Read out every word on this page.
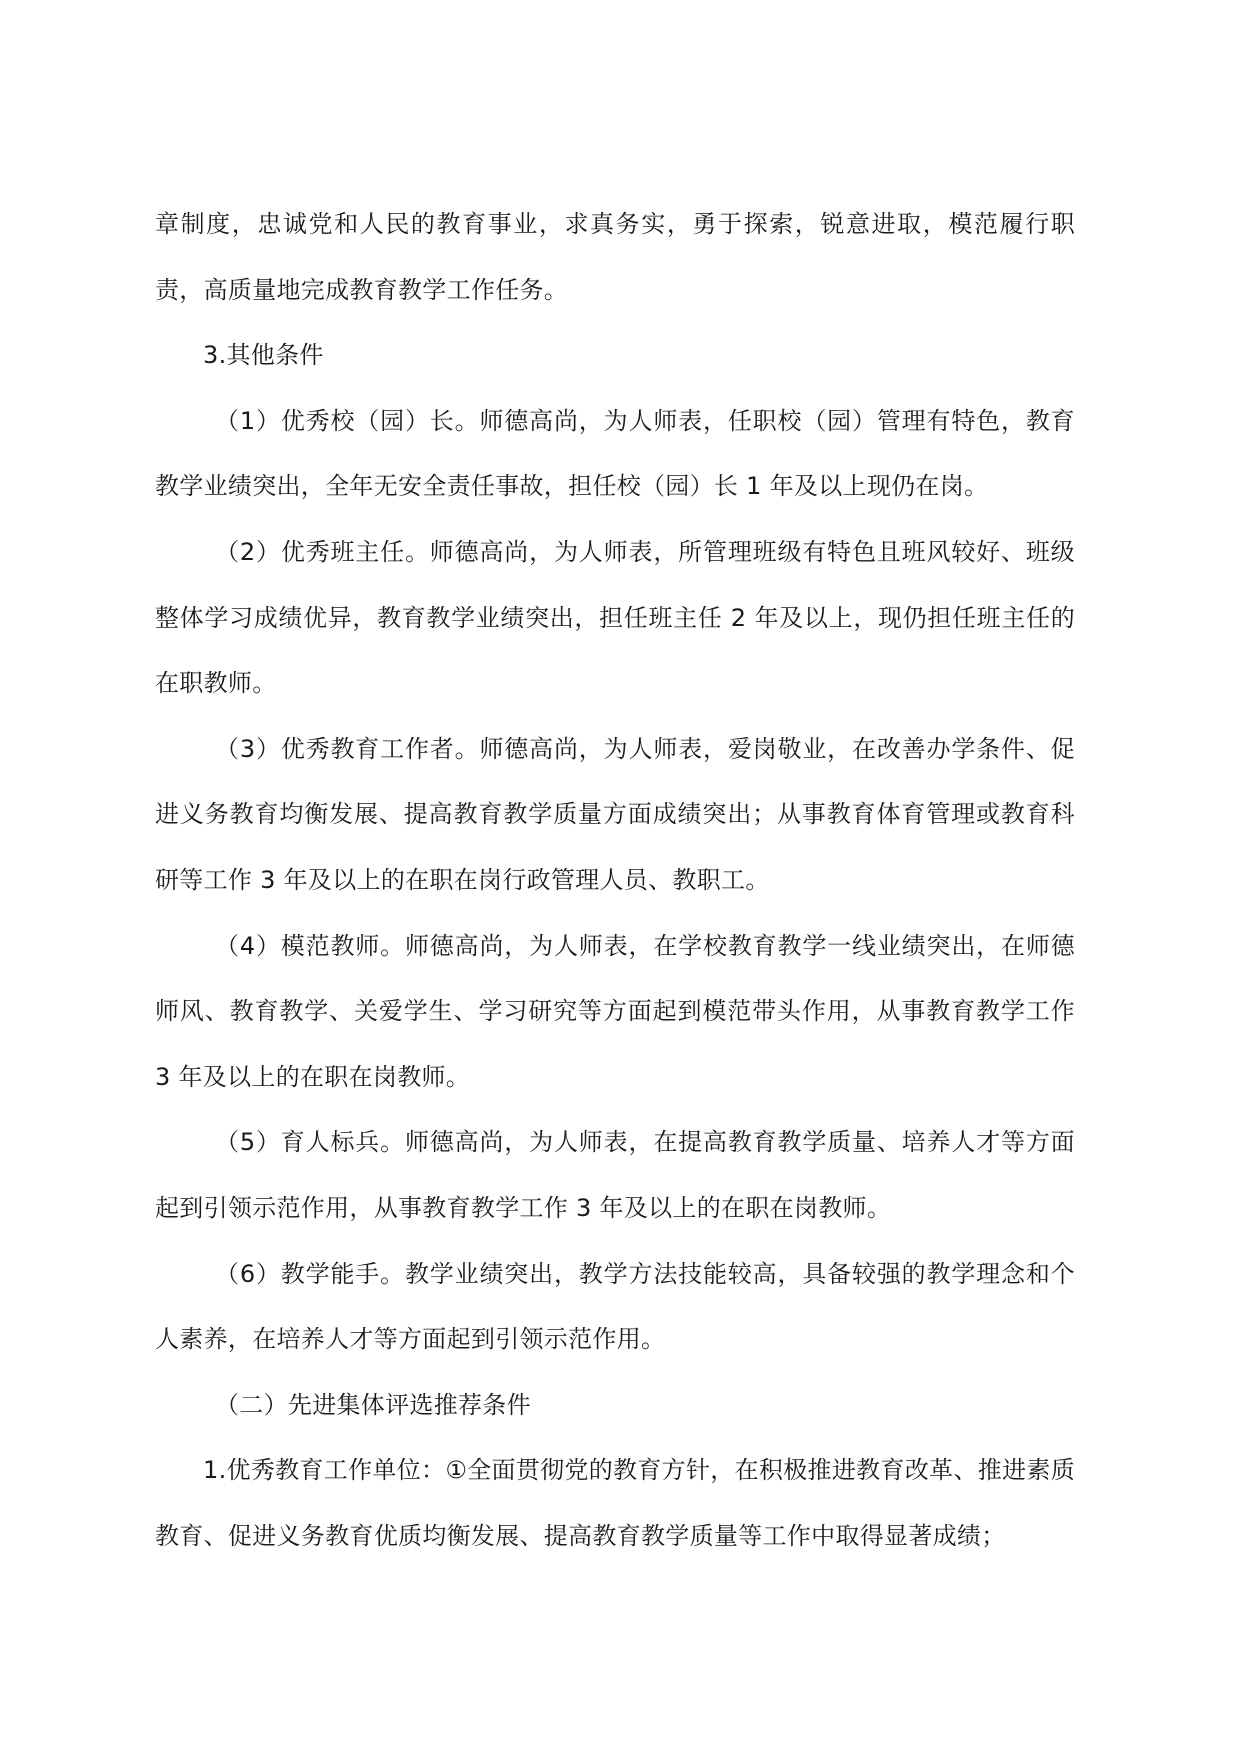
章制度，忠诚党和人民的教育事业，求真务实，勇于探索，锐意进取，模范履行职责，高质量地完成教育教学工作任务。

3.其他条件

（1）优秀校（园）长。师德高尚，为人师表，任职校（园）管理有特色，教育教学业绩突出，全年无安全责任事故，担任校（园）长 1 年及以上现仍在岗。

（2）优秀班主任。师德高尚，为人师表，所管理班级有特色且班风较好、班级整体学习成绩优异，教育教学业绩突出，担任班主任 2 年及以上，现仍担任班主任的在职教师。

（3）优秀教育工作者。师德高尚，为人师表，爱岗敬业，在改善办学条件、促进义务教育均衡发展、提高教育教学质量方面成绩突出；从事教育体育管理或教育科研等工作 3 年及以上的在职在岗行政管理人员、教职工。

（4）模范教师。师德高尚，为人师表，在学校教育教学一线业绩突出，在师德师风、教育教学、关爱学生、学习研究等方面起到模范带头作用，从事教育教学工作 3 年及以上的在职在岗教师。

（5）育人标兵。师德高尚，为人师表，在提高教育教学质量、培养人才等方面起到引领示范作用，从事教育教学工作 3 年及以上的在职在岗教师。

（6）教学能手。教学业绩突出，教学方法技能较高，具备较强的教学理念和个人素养，在培养人才等方面起到引领示范作用。

（二）先进集体评选推荐条件

1.优秀教育工作单位：①全面贯彻党的教育方针，在积极推进教育改革、推进素质教育、促进义务教育优质均衡发展、提高教育教学质量等工作中取得显著成绩；
